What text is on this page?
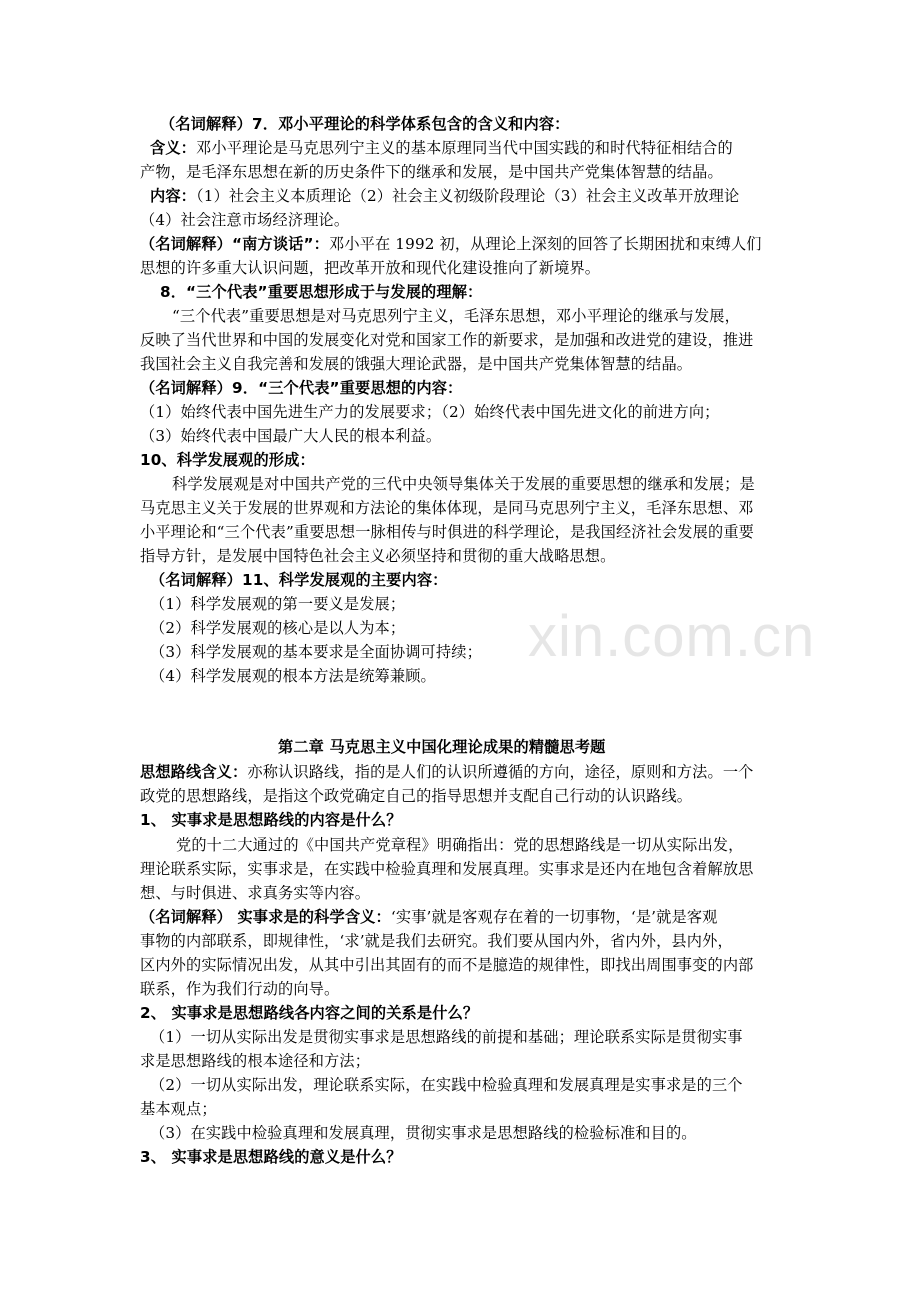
xin.com.cn
（名词解释）7．邓小平理论的科学体系包含的含义和内容：
含义：邓小平理论是马克思列宁主义的基本原理同当代中国实践的和时代特征相结合的
产物，是毛泽东思想在新的历史条件下的继承和发展，是中国共产党集体智慧的结晶。
内容：（1）社会主义本质理论（2）社会主义初级阶段理论（3）社会主义改革开放理论
（4）社会注意市场经济理论。
（名词解释）“南方谈话”：邓小平在 1992 初，从理论上深刻的回答了长期困扰和束缚人们
思想的许多重大认识问题，把改革开放和现代化建设推向了新境界。
8．“三个代表”重要思想形成于与发展的理解：
“三个代表”重要思想是对马克思列宁主义，毛泽东思想，邓小平理论的继承与发展，
反映了当代世界和中国的发展变化对党和国家工作的新要求，是加强和改进党的建设，推进
我国社会主义自我完善和发展的饿强大理论武器，是中国共产党集体智慧的结晶。
（名词解释）9．“三个代表”重要思想的内容：
（1）始终代表中国先进生产力的发展要求；（2）始终代表中国先进文化的前进方向；
（3）始终代表中国最广大人民的根本利益。
10、科学发展观的形成：
科学发展观是对中国共产党的三代中央领导集体关于发展的重要思想的继承和发展；是
马克思主义关于发展的世界观和方法论的集体体现，是同马克思列宁主义，毛泽东思想、邓
小平理论和“三个代表”重要思想一脉相传与时俱进的科学理论，是我国经济社会发展的重要
指导方针，是发展中国特色社会主义必须坚持和贯彻的重大战略思想。
（名词解释）11、科学发展观的主要内容：
（1）科学发展观的第一要义是发展；
（2）科学发展观的核心是以人为本；
（3）科学发展观的基本要求是全面协调可持续；
（4）科学发展观的根本方法是统筹兼顾。
第二章 马克思主义中国化理论成果的精髓思考题
思想路线含义：亦称认识路线，指的是人们的认识所遵循的方向，途径，原则和方法。一个
政党的思想路线，是指这个政党确定自己的指导思想并支配自己行动的认识路线。
1、 实事求是思想路线的内容是什么？
党的十二大通过的《中国共产党章程》明确指出：党的思想路线是一切从实际出发，
理论联系实际，实事求是，在实践中检验真理和发展真理。实事求是还内在地包含着解放思
想、与时俱进、求真务实等内容。
（名词解释） 实事求是的科学含义：‘实事’就是客观存在着的一切事物，‘是’就是客观
事物的内部联系，即规律性，‘求’就是我们去研究。我们要从国内外，省内外，县内外，
区内外的实际情况出发，从其中引出其固有的而不是臆造的规律性，即找出周围事变的内部
联系，作为我们行动的向导。
2、 实事求是思想路线各内容之间的关系是什么？
（1）一切从实际出发是贯彻实事求是思想路线的前提和基础；理论联系实际是贯彻实事
求是思想路线的根本途径和方法；
（2）一切从实际出发，理论联系实际，在实践中检验真理和发展真理是实事求是的三个
基本观点；
（3）在实践中检验真理和发展真理，贯彻实事求是思想路线的检验标准和目的。
3、 实事求是思想路线的意义是什么？
